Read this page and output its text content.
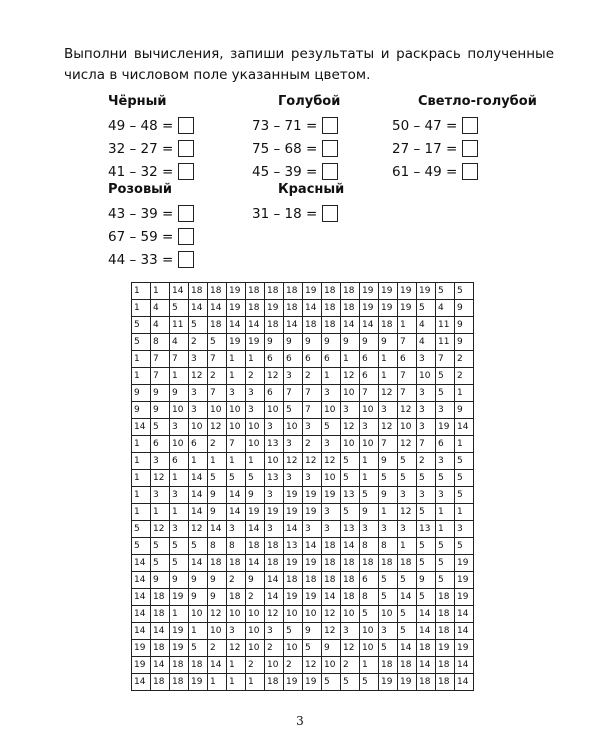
Выполни вычисления, запиши результаты и раскрась полученные числа в числовом поле указанным цветом.
Чёрный
49 – 48 =
32 – 27 =
41 – 32 =
Голубой
73 – 71 =
75 – 68 =
45 – 39 =
Светло-голубой
50 – 47 =
27 – 17 =
61 – 49 =
Розовый
43 – 39 =
67 – 59 =
44 – 33 =
Красный
31 – 18 =
1	1	14	18	18	19	18	18	18	19	18	18	19	19	19	19	5	5
1	4	5	14	14	19	18	19	18	14	18	18	19	19	19	5	4	9
5	4	11	5	18	14	14	18	14	18	18	14	14	18	1	4	11	9
5	8	4	2	5	19	19	9	9	9	9	9	9	9	7	4	11	9
1	7	7	3	7	1	1	6	6	6	6	1	6	1	6	3	7	2
1	7	1	12	2	1	2	12	3	2	1	12	6	1	7	10	5	2
9	9	9	3	7	3	3	6	7	7	3	10	7	12	7	3	5	1
9	9	10	3	10	10	3	10	5	7	10	3	10	3	12	3	3	9
14	5	3	10	12	10	10	3	10	3	5	12	3	12	10	3	19	14
1	6	10	6	2	7	10	13	3	2	3	10	10	7	12	7	6	1
1	3	6	1	1	1	1	10	12	12	12	5	1	9	5	2	3	5
1	12	1	14	5	5	5	13	3	3	10	5	1	5	5	5	5	5
1	3	3	14	9	14	9	3	19	19	19	13	5	9	3	3	3	5
1	1	1	14	9	14	19	19	19	19	3	5	9	1	12	5	1	1
5	12	3	12	14	3	14	3	14	3	3	13	3	3	3	13	1	3
5	5	5	5	8	8	18	18	13	14	18	14	8	8	1	5	5	5
14	5	5	14	18	18	14	18	19	19	18	18	18	18	18	5	5	19
14	9	9	9	9	2	9	14	18	18	18	18	6	5	5	9	5	19
14	18	19	9	9	18	2	14	19	19	14	18	8	5	14	5	18	19
14	18	1	10	12	10	10	12	10	10	12	10	5	10	5	14	18	14
14	14	19	1	10	3	10	3	5	9	12	3	10	3	5	14	18	14
19	18	19	5	2	12	10	2	10	5	9	12	10	5	14	18	19	19
19	14	18	18	14	1	2	10	2	12	10	2	1	18	18	14	18	14
14	18	18	19	1	1	1	18	19	19	5	5	5	19	19	18	18	14
3
